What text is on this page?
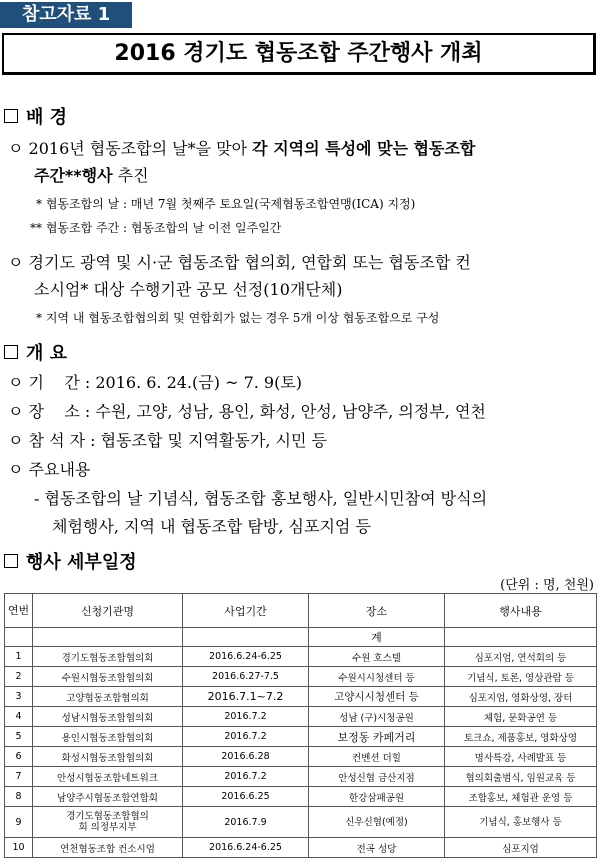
참고자료 1
2016 경기도 협동조합 주간행사 개최
배 경
ㅇ 2016년 협동조합의 날*을 맞아 각 지역의 특성에 맞는 협동조합
주간**행사 추진
* 협동조합의 날 : 매년 7월 첫째주 토요일(국제협동조합연맹(ICA) 지정)
** 협동조합 주간 : 협동조합의 날 이전 일주일간
ㅇ 경기도 광역 및 시·군 협동조합 협의회, 연합회 또는 협동조합 컨
소시엄* 대상 수행기관 공모 선정(10개단체)
* 지역 내 협동조합협의회 및 연합회가 없는 경우 5개 이상 협동조합으로 구성
개 요
ㅇ 기    간 : 2016. 6. 24.(금) ~ 7. 9(토)
ㅇ 장    소 : 수원, 고양, 성남, 용인, 화성, 안성, 남양주, 의정부, 연천
ㅇ 참 석 자 : 협동조합 및 지역활동가, 시민 등
ㅇ 주요내용
- 협동조합의 날 기념식, 협동조합 홍보행사, 일반시민참여 방식의
체험행사, 지역 내 협동조합 탐방, 심포지엄 등
행사 세부일정
(단위 : 명, 천원)
연번	신청기관명	사업기간	장소	행사내용
			계	
1	경기도협동조합협의회	2016.6.24-6.25	수원 호스텔	심포지엄, 연석회의 등
2	수원시협동조합협의회	2016.6.27-7.5	수원시시청센터 등	기념식, 토론, 영상관람 등
3	고양협동조합협의회	2016.7.1~7.2	고양시시청센터 등	심포지엄, 영화상영, 장터
4	성남시협동조합협의회	2016.7.2	성남 (구)시청공원	체험, 문화공연 등
5	용인시협동조합협의회	2016.7.2	보정동 카페거리	토크쇼, 제품홍보, 영화상영
6	화성시협동조합협의회	2016.6.28	컨벤션 더힐	명사특강, 사례발표 등
7	안성시협동조합네트워크	2016.7.2	안성신협 금산지점	협의회출범식, 임원교육 등
8	남양주시협동조합연합회	2016.6.25	한강삼패공원	조합홍보, 체험관 운영 등
9	경기도협동조합협의회 의정부지부	2016.7.9	신우신협(예정)	기념식, 홍보행사 등
10	연천협동조합 컨소시엄	2016.6.24-6.25	전곡 성당	심포지엄
